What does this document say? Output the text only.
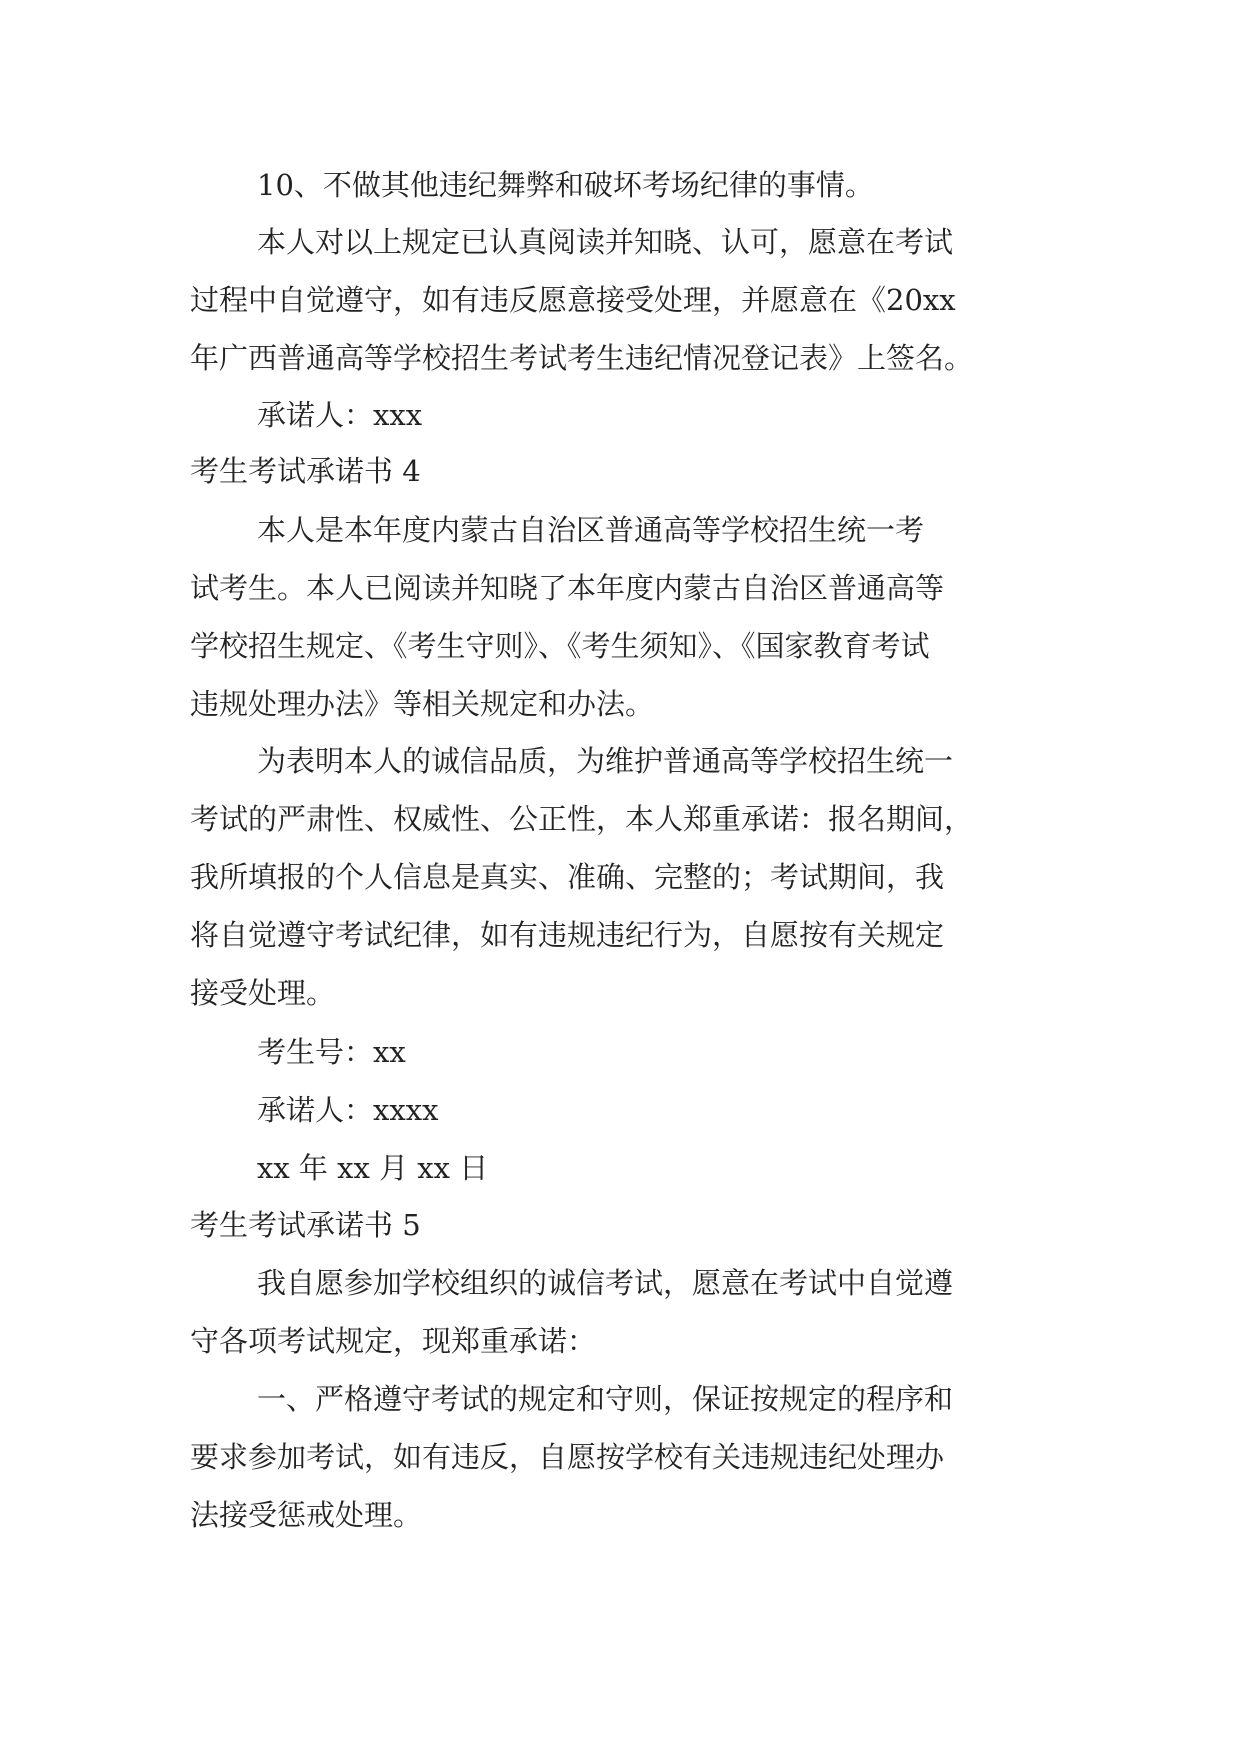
10、不做其他违纪舞弊和破坏考场纪律的事情。
本人对以上规定已认真阅读并知晓、认可，愿意在考试
过程中自觉遵守，如有违反愿意接受处理，并愿意在《20xx
年广西普通高等学校招生考试考生违纪情况登记表》上签名。
承诺人：xxx
考生考试承诺书 4
本人是本年度内蒙古自治区普通高等学校招生统一考
试考生。本人已阅读并知晓了本年度内蒙古自治区普通高等
学校招生规定、《考生守则》、《考生须知》、《国家教育考试
违规处理办法》等相关规定和办法。
为表明本人的诚信品质，为维护普通高等学校招生统一
考试的严肃性、权威性、公正性，本人郑重承诺：报名期间，
我所填报的个人信息是真实、准确、完整的；考试期间，我
将自觉遵守考试纪律，如有违规违纪行为，自愿按有关规定
接受处理。
考生号：xx
承诺人：xxxx
xx 年 xx 月 xx 日
考生考试承诺书 5
我自愿参加学校组织的诚信考试，愿意在考试中自觉遵
守各项考试规定，现郑重承诺：
一、严格遵守考试的规定和守则，保证按规定的程序和
要求参加考试，如有违反，自愿按学校有关违规违纪处理办
法接受惩戒处理。
